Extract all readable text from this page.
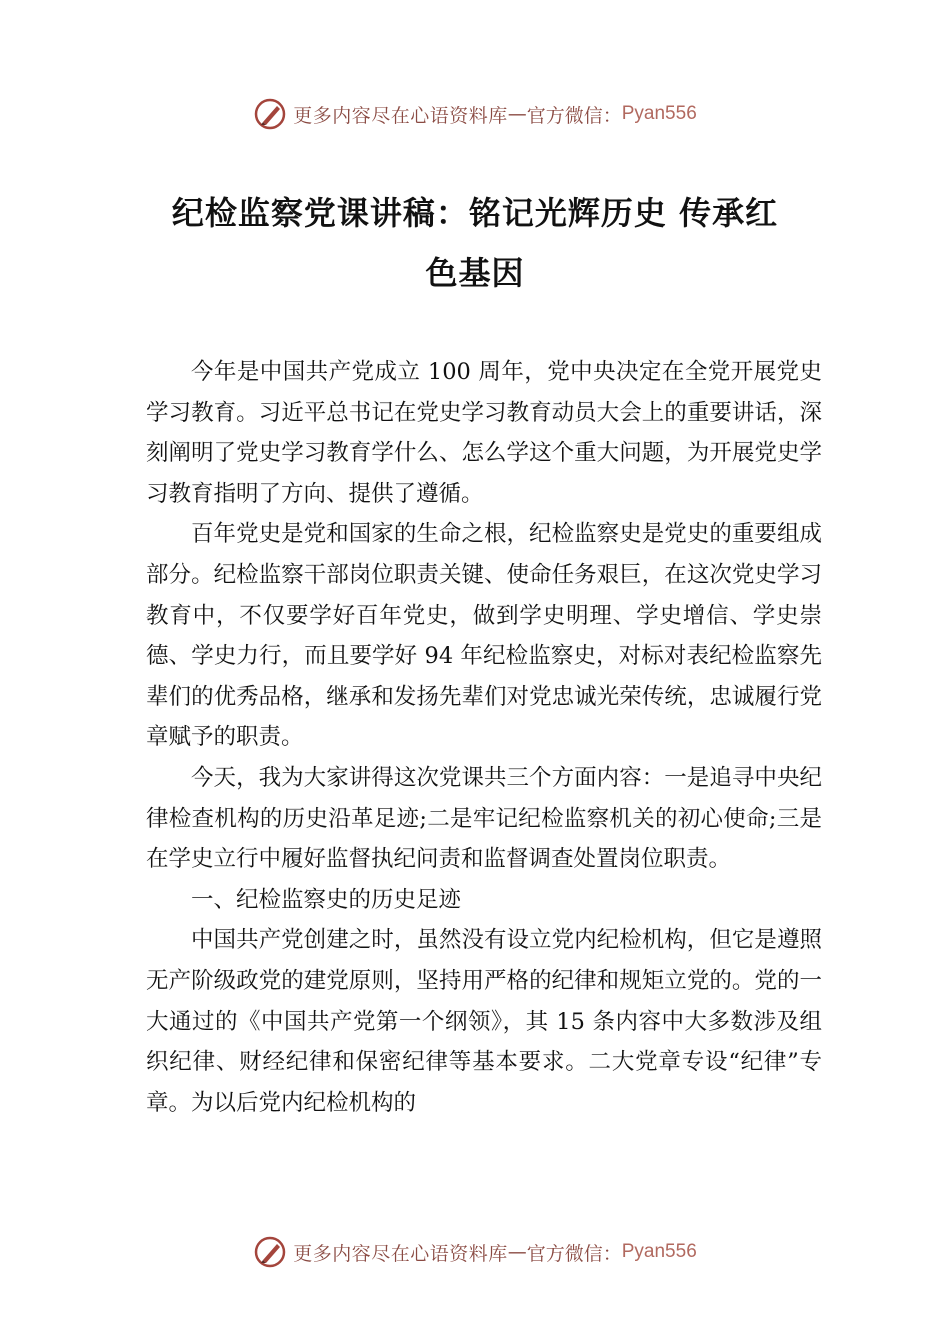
更多内容尽在心语资料库 — 官方微信： Pyan556
纪检监察党课讲稿：铭记光辉历史 传承红
色基因

今年是中国共产党成立 100 周年，党中央决定在全党开展党史学习教育。习近平总书记在党史学习教育动员大会上的重要讲话，深刻阐明了党史学习教育学什么、怎么学这个重大问题，为开展党史学习教育指明了方向、提供了遵循。

百年党史是党和国家的生命之根，纪检监察史是党史的重要组成部分。纪检监察干部岗位职责关键、使命任务艰巨，在这次党史学习教育中，不仅要学好百年党史，做到学史明理、学史增信、学史崇德、学史力行，而且要学好 94 年纪检监察史，对标对表纪检监察先辈们的优秀品格，继承和发扬先辈们对党忠诚光荣传统，忠诚履行党章赋予的职责。

今天，我为大家讲得这次党课共三个方面内容：一是追寻中央纪律检查机构的历史沿革足迹;二是牢记纪检监察机关的初心使命;三是在学史立行中履好监督执纪问责和监督调查处置岗位职责。

一、纪检监察史的历史足迹

中国共产党创建之时，虽然没有设立党内纪检机构，但它是遵照无产阶级政党的建党原则，坚持用严格的纪律和规矩立党的。党的一大通过的《中国共产党第一个纲领》，其 15 条内容中大多数涉及组织纪律、财经纪律和保密纪律等基本要求。二大党章专设“纪律”专章。为以后党内纪检机构的

更多内容尽在心语资料库 — 官方微信： Pyan556
